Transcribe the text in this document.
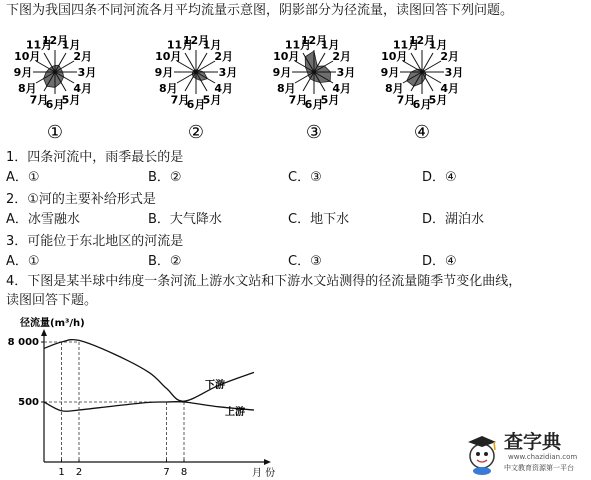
下图为我国四条不同河流各月平均流量示意图，阴影部分为径流量，读图回答下列问题。
1月
2月
3月
4月
5月
6月
7月
8月
9月
10月
11月
12月
①
1月
2月
3月
4月
5月
6月
7月
8月
9月
10月
11月
12月
②
1月
2月
3月
4月
5月
6月
7月
8月
9月
10月
11月
12月
③
1月
2月
3月
4月
5月
6月
7月
8月
9月
10月
11月
12月
④
1．四条河流中，雨季最长的是
A．①	B．②	C．③	D．④
2．①河的主要补给形式是
A．冰雪融水	B．大气降水	C．地下水	D．湖泊水
3．可能位于东北地区的河流是
A．①	B．②	C．③	D．④
4．下图是某半球中纬度一条河流上游水文站和下游水文站测得的径流量随季节变化曲线，
读图回答下题。
径流量(m³/h)
月 份
8 000
500
1 2	7 8
下游
上游
查字典
www.chazidian.com
中文教育资源第一平台
